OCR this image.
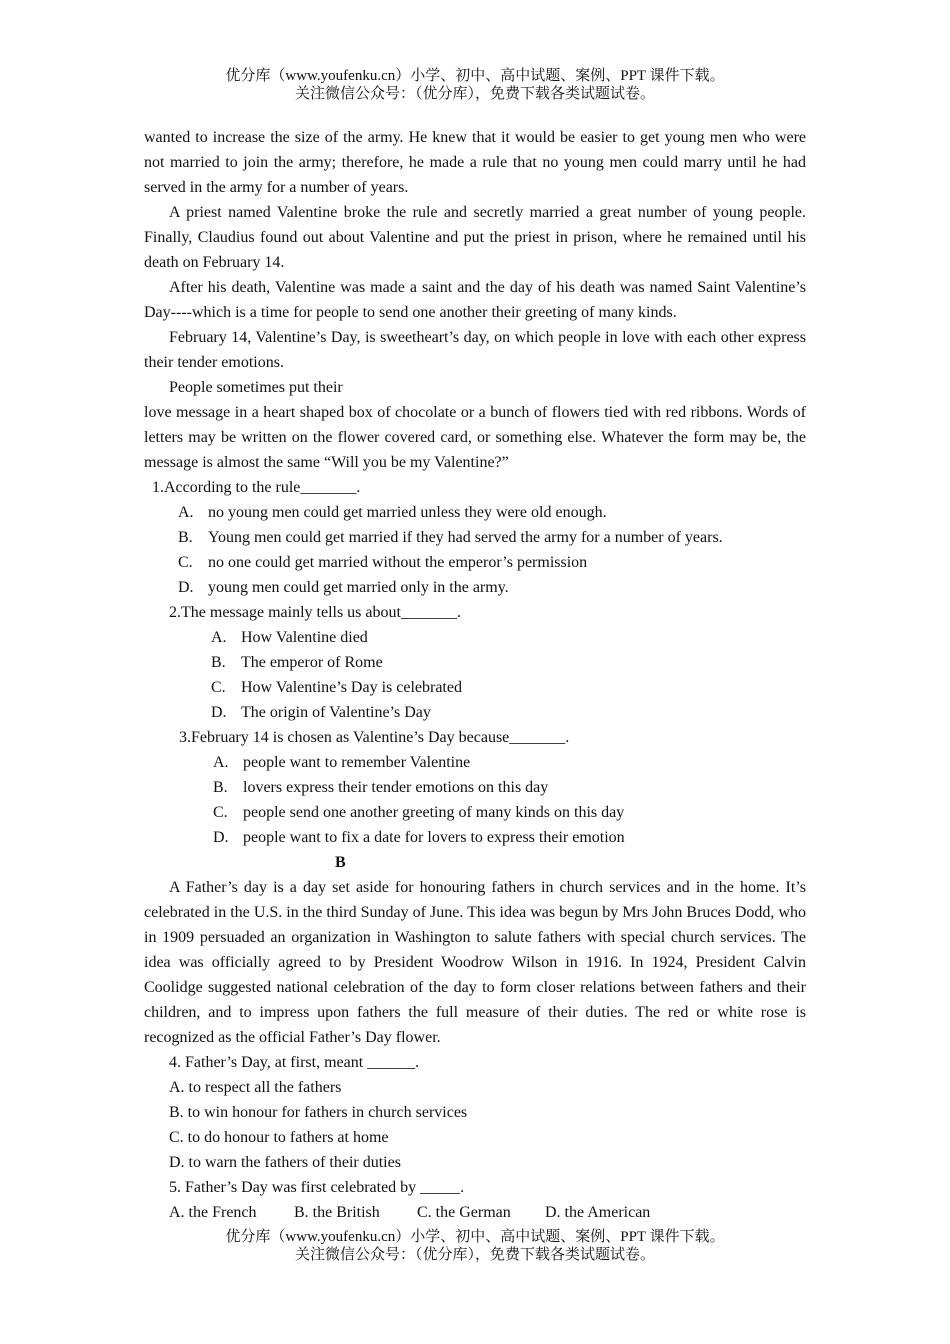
优分库（www.youfenku.cn）小学、初中、高中试题、案例、PPT 课件下载。
关注微信公众号：（优分库），免费下载各类试题试卷。
wanted to increase the size of the army. He knew that it would be easier to get young men who were not married to join the army; therefore, he made a rule that no young men could marry until he had served in the army for a number of years.
A priest named Valentine broke the rule and secretly married a great number of young people. Finally, Claudius found out about Valentine and put the priest in prison, where he remained until his death on February 14.
After his death, Valentine was made a saint and the day of his death was named Saint Valentine’s Day----which is a time for people to send one another their greeting of many kinds.
February 14, Valentine’s Day, is sweetheart’s day, on which people in love with each other express their tender emotions.
People sometimes put their
love message in a heart shaped box of chocolate or a bunch of flowers tied with red ribbons. Words of letters may be written on the flower covered card, or something else. Whatever the form may be, the message is almost the same “Will you be my Valentine?”
1.According to the rule_______.
A. no young men could get married unless they were old enough.
B. Young men could get married if they had served the army for a number of years.
C. no one could get married without the emperor’s permission
D. young men could get married only in the army.
2.The message mainly tells us about_______.
A. How Valentine died
B. The emperor of Rome
C. How Valentine’s Day is celebrated
D. The origin of Valentine’s Day
3.February 14 is chosen as Valentine’s Day because_______.
A. people want to remember Valentine
B. lovers express their tender emotions on this day
C. people send one another greeting of many kinds on this day
D. people want to fix a date for lovers to express their emotion
B
A Father’s day is a day set aside for honouring fathers in church services and in the home. It’s celebrated in the U.S. in the third Sunday of June. This idea was begun by Mrs John Bruces Dodd, who in 1909 persuaded an organization in Washington to salute fathers with special church services. The idea was officially agreed to by President Woodrow Wilson in 1916. In 1924, President Calvin Coolidge suggested national celebration of the day to form closer relations between fathers and their children, and to impress upon fathers the full measure of their duties. The red or white rose is recognized as the official Father’s Day flower.
4. Father’s Day, at first, meant ______.
A. to respect all the fathers
B. to win honour for fathers in church services
C. to do honour to fathers at home
D. to warn the fathers of their duties
5. Father’s Day was first celebrated by _____.
A. the French B. the British C. the German D. the American
优分库（www.youfenku.cn）小学、初中、高中试题、案例、PPT 课件下载。
关注微信公众号：（优分库），免费下载各类试题试卷。
